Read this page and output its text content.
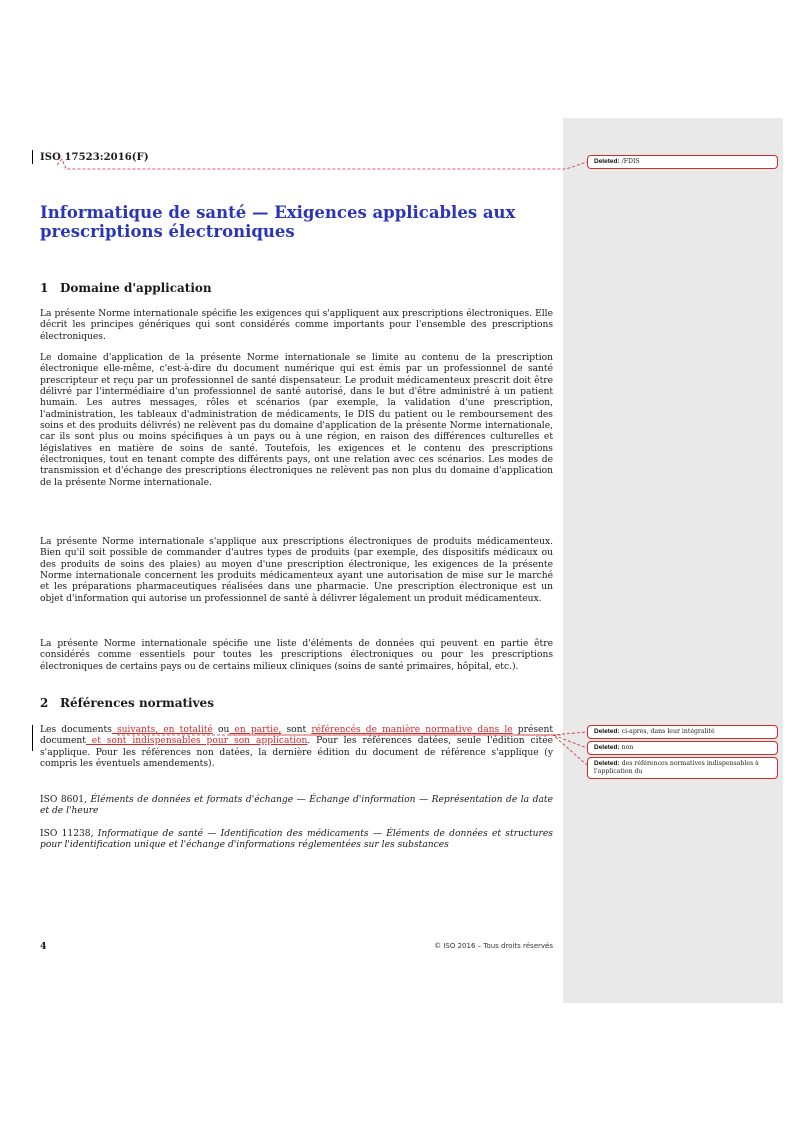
ISO 17523:2016(F)
Informatique de santé — Exigences applicables aux prescriptions électroniques
1 Domaine d'application
La présente Norme internationale spécifie les exigences qui s'appliquent aux prescriptions électroniques. Elle décrit les principes génériques qui sont considérés comme importants pour l'ensemble des prescriptions électroniques.
Le domaine d'application de la présente Norme internationale se limite au contenu de la prescription électronique elle-même, c'est-à-dire du document numérique qui est émis par un professionnel de santé prescripteur et reçu par un professionnel de santé dispensateur. Le produit médicamenteux prescrit doit être délivré par l'intermédiaire d'un professionnel de santé autorisé, dans le but d'être administré à un patient humain. Les autres messages, rôles et scénarios (par exemple, la validation d'une prescription, l'administration, les tableaux d'administration de médicaments, le DIS du patient ou le remboursement des soins et des produits délivrés) ne relèvent pas du domaine d'application de la présente Norme internationale, car ils sont plus ou moins spécifiques à un pays ou à une région, en raison des différences culturelles et législatives en matière de soins de santé. Toutefois, les exigences et le contenu des prescriptions électroniques, tout en tenant compte des différents pays, ont une relation avec ces scénarios. Les modes de transmission et d'échange des prescriptions électroniques ne relèvent pas non plus du domaine d'application de la présente Norme internationale.
La présente Norme internationale s'applique aux prescriptions électroniques de produits médicamenteux. Bien qu'il soit possible de commander d'autres types de produits (par exemple, des dispositifs médicaux ou des produits de soins des plaies) au moyen d'une prescription électronique, les exigences de la présente Norme internationale concernent les produits médicamenteux ayant une autorisation de mise sur le marché et les préparations pharmaceutiques réalisées dans une pharmacie. Une prescription électronique est un objet d'information qui autorise un professionnel de santé à délivrer légalement un produit médicamenteux.
La présente Norme internationale spécifie une liste d'éléments de données qui peuvent en partie être considérés comme essentiels pour toutes les prescriptions électroniques ou pour les prescriptions électroniques de certains pays ou de certains milieux cliniques (soins de santé primaires, hôpital, etc.).
2 Références normatives
Les documents suivants, en totalité ou en partie, sont référencés de manière normative dans le présent document et sont indispensables pour son application. Pour les références datées, seule l'édition citée s'applique. Pour les références non datées, la dernière édition du document de référence s'applique (y compris les éventuels amendements).
ISO 8601, Éléments de données et formats d'échange — Échange d'information — Représentation de la date et de l'heure
ISO 11238, Informatique de santé — Identification des médicaments — Éléments de données et structures pour l'identification unique et l'échange d'informations réglementées sur les substances
4	© ISO 2016 – Tous droits réservés
Deleted: /FDIS
Deleted: ci-après, dans leur intégralité
Deleted: non
Deleted: des références normatives indispensables à l'application du
